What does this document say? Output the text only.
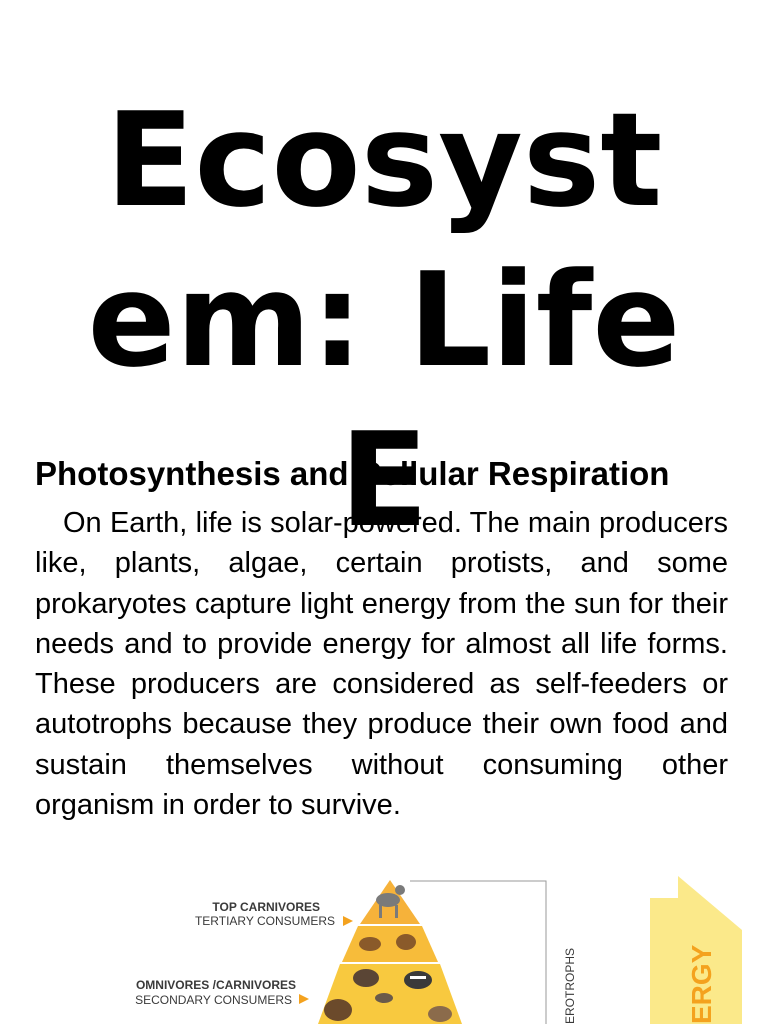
Ecosystem: Life E
Photosynthesis and Cellular Respiration

On Earth, life is solar-powered. The main producers like, plants, algae, certain protists, and some prokaryotes capture light energy from the sun for their needs and to provide energy for almost all life forms. These producers are considered as self-feeders or autotrophs because they produce their own food and sustain themselves without consuming other organism in order to survive.

TOP CARNIVORES
TERTIARY CONSUMERS
OMNIVORES /CARNIVORES
SECONDARY CONSUMERS	EROTROPHS	ERGY
